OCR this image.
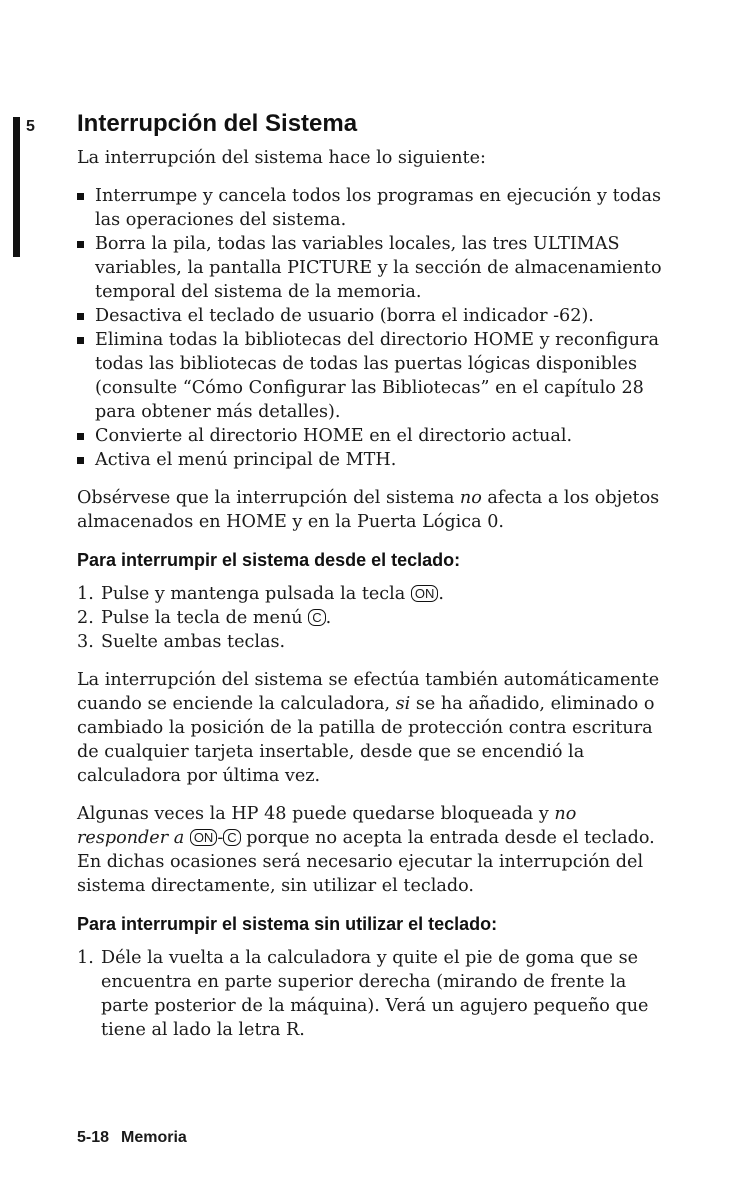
5 Interrupción del Sistema

La interrupción del sistema hace lo siguiente:

Interrumpe y cancela todos los programas en ejecución y todas las operaciones del sistema.
Borra la pila, todas las variables locales, las tres ULTIMAS variables, la pantalla PICTURE y la sección de almacenamiento temporal del sistema de la memoria.
Desactiva el teclado de usuario (borra el indicador -62).
Elimina todas la bibliotecas del directorio HOME y reconfigura todas las bibliotecas de todas las puertas lógicas disponibles (consulte “Cómo Configurar las Bibliotecas” en el capítulo 28 para obtener más detalles).
Convierte al directorio HOME en el directorio actual.
Activa el menú principal de MTH.

Obsérvese que la interrupción del sistema no afecta a los objetos almacenados en HOME y en la Puerta Lógica 0.

Para interrumpir el sistema desde el teclado:
1. Pulse y mantenga pulsada la tecla ON .
2. Pulse la tecla de menú C .
3. Suelte ambas teclas.

La interrupción del sistema se efectúa también automáticamente cuando se enciende la calculadora, si se ha añadido, eliminado o cambiado la posición de la patilla de protección contra escritura de cualquier tarjeta insertable, desde que se encendió la calculadora por última vez.

Algunas veces la HP 48 puede quedarse bloqueada y no responder a ON - C porque no acepta la entrada desde el teclado. En dichas ocasiones será necesario ejecutar la interrupción del sistema directamente, sin utilizar el teclado.

Para interrumpir el sistema sin utilizar el teclado:
1. Déle la vuelta a la calculadora y quite el pie de goma que se encuentra en parte superior derecha (mirando de frente la parte posterior de la máquina). Verá un agujero pequeño que tiene al lado la letra R.
5-18 Memoria
